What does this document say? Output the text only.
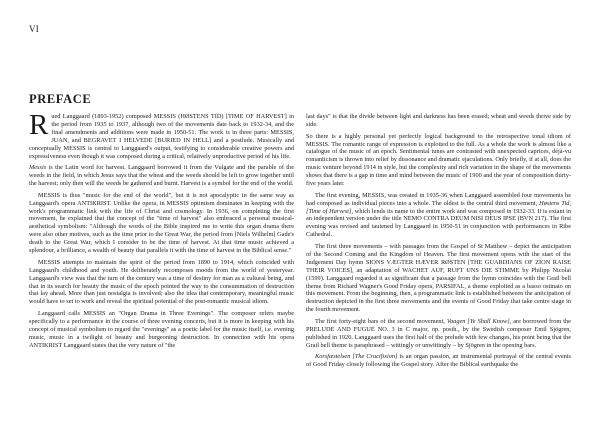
VI
PREFACE

Rued Langgaard (1893-1952) composed MESSIS (HØSTENS TID) [TIME OF HARVEST] in the period from 1935 to 1937, although two of the movements date back to 1932-34, and the final amendments and additions were made in 1950-51. The work is in three parts: MESSIS, JUAN, and BEGRAVET I HELVEDE [BURIED IN HELL] and a postlude. Musically and conceptually MESSIS is central to Langgaard's output, testifying to considerable creative powers and expressiveness even though it was composed during a critical, relatively unproductive period of his life.

Messis is the Latin word for harvest. Langgaard borrowed it from the Vulgate and the parable of the weeds in the field, in which Jesus says that the wheat and the weeds should be left to grow together until the harvest; only then will the weeds be gathered and burnt. Harvest is a symbol for the end of the world.

MESSIS is thus "music for the end of the world", but it is not apocalyptic in the same way as Langgaard's opera ANTIKRIST. Unlike the opera, in MESSIS optimism dominates in keeping with the work's programmatic link with the life of Christ and cosmology. In 1936, on completing the first movement, he explained that the concept of the "time of harvest" also embraced a personal musical-aesthetical symbolism: "Although the words of the Bible inspired me to write this organ drama there were also other motives, such as the time prior to the Great War, the period from [Niels Wilhelm] Gade's death to the Great War, which I consider to be the time of harvest. At that time music achieved a splendour, a brilliance, a wealth of beauty that parallels it with the time of harvest in the Biblical sense."

MESSIS attempts to maintain the spirit of the period from 1890 to 1914, which coincided with Langgaard's childhood and youth. He deliberately recomposes moods from the world of yesteryear. Langgaard's view was that the turn of the century was a time of destiny for man as a cultural being, and that in its search for beauty the music of the epoch pointed the way to the consummation of destruction that lay ahead. More than just nostalgia is involved; also the idea that contemporary, meaningful music would have to set to work and reveal the spiritual potential of the post-romantic musical idiom.

Langgaard calls MESSIS an "Organ Drama in Three Evenings". The composer refers maybe specifically to a performance in the course of three evening concerts, but it is more in keeping with his concept of musical symbolism to regard the "evenings" as a poetic label for the music itself, i.e. evening music, music in a twilight of beauty and burgeoning destruction. In connection with his opera ANTIKRIST Langgaard states that the very nature of "the

last days" is that the divide between light and darkness has been erased; wheat and weeds thrive side by side.

So there is a highly personal yet perfectly logical background to the retrospective tonal idiom of MESSIS. The romantic range of expression is exploited to the full. As a whole the work is almost like a catalogue of the music of an epoch. Sentimental tunes are contrasted with unexpected caprices, déjà-vu romanticism is thrown into relief by dissonance and dramatic ejaculations. Only briefly, if at all, does the music venture beyond 1914 in style, but the complexity and rich variation in the shape of the movements shows that there is a gap in time and mind between the music of 1900 and the year of composition thirty-five years later.

The first evening, MESSIS, was created in 1935-36 when Langgaard assembled four movements he had composed as individual pieces into a whole. The oldest is the central third movement, Høstens Tid, [Time of Harvest], which lends its name to the entire work and was composed in 1932-33. It is extant in an independent version under the title NEMO CONTRA DEUM NISI DEUS IPSE (BVN 217). The first evening was revised and tautened by Langgaard in 1950-51 in conjunction with performances in Ribe Cathedral.

The first three movements – with passages from the Gospel of St Matthew – depict the anticipation of the Second Coming and the Kingdom of Heaven. The first movement opens with the start of the Judgement Day hymn SIONS VÆGTER HÆVER RØSTEN [THE GUARDIANS OF ZION RAISE THEIR VOICES], an adaptation of WACHET AUF, RUFT UNS DIE STIMME by Philipp Nicolai (1599). Langgaard regarded it as significant that a passage from the hymn coincides with the Grail bell theme from Richard Wagner's Good Friday opera, PARSIFAL, a theme exploited as a basso ostinato on this movement. From the beginning, then, a programmatic link is established between the anticipation of destruction depicted in the first three movements and the events of Good Friday that take centre stage in the fourth movement.

The first forty-eight bars of the second movement, Vaagen [Ye Shall Know], are borrowed from the PRELUDE AND FUGUE NO. 3 in C major, op. posth., by the Swedish composer Emil Sjögren, published in 1920. Langgaard uses the first half of the prelude with few changes, his point being that the Grail bell theme is paraphrased – wittingly or unwittingly – by Sjögren in the opening bars.

Korsfæstelsen [The Crucifixion] is an organ passion, an instrumental portrayal of the central events of Good Friday closely following the Gospel story. After the Biblical earthquake the
